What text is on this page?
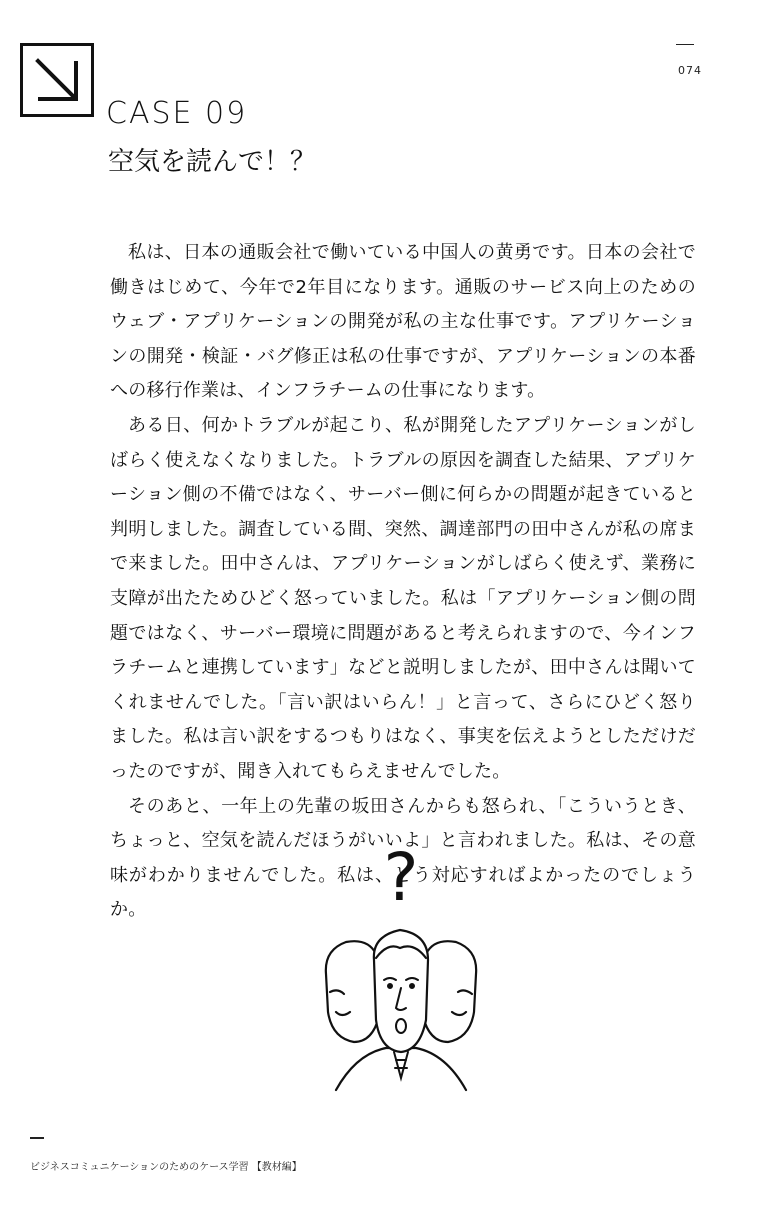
074
CASE 09
空気を読んで！？

私は、日本の通販会社で働いている中国人の黄勇です。日本の会社で働きはじめて、今年で2年目になります。通販のサービス向上のためのウェブ・アプリケーションの開発が私の主な仕事です。アプリケーションの開発・検証・バグ修正は私の仕事ですが、アプリケーションの本番への移行作業は、インフラチームの仕事になります。

ある日、何かトラブルが起こり、私が開発したアプリケーションがしばらく使えなくなりました。トラブルの原因を調査した結果、アプリケーション側の不備ではなく、サーバー側に何らかの問題が起きていると判明しました。調査している間、突然、調達部門の田中さんが私の席まで来ました。田中さんは、アプリケーションがしばらく使えず、業務に支障が出たためひどく怒っていました。私は「アプリケーション側の問題ではなく、サーバー環境に問題があると考えられますので、今インフラチームと連携しています」などと説明しましたが、田中さんは聞いてくれませんでした。「言い訳はいらん！」と言って、さらにひどく怒りました。私は言い訳をするつもりはなく、事実を伝えようとしただけだったのですが、聞き入れてもらえませんでした。

そのあと、一年上の先輩の坂田さんからも怒られ、「こういうとき、ちょっと、空気を読んだほうがいいよ」と言われました。私は、その意味がわかりませんでした。私は、どう対応すればよかったのでしょうか。	?
ビジネスコミュニケーションのためのケース学習 【教材編】
